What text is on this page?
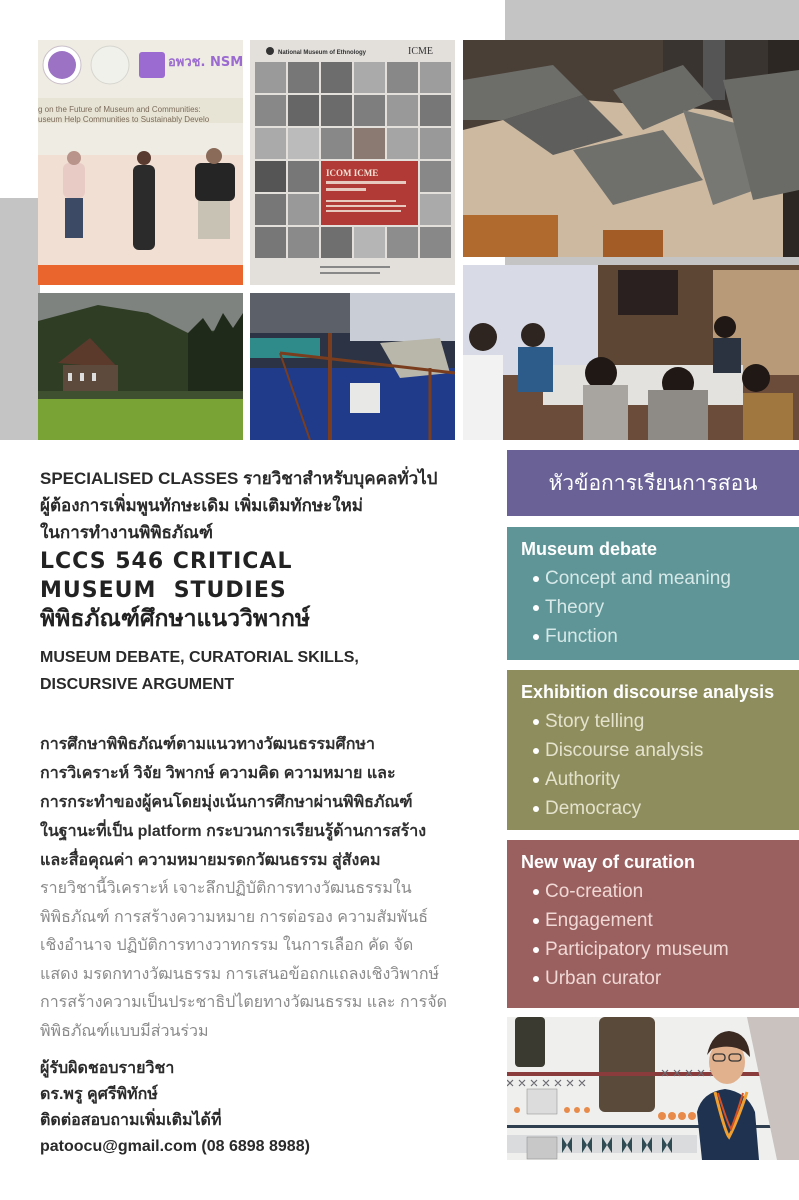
อพวช. NSM
g on the Future of Museum and Communities:
useum Help Communities to Sustainably Develo
National Museum of Ethnology	ICME
ICOM ICME
SPECIALISED CLASSES รายวิชาสำหรับบุคคลทั่วไป
ผู้ต้องการเพิ่มพูนทักษะเดิม เพิ่มเติมทักษะใหม่
ในการทำงานพิพิธภัณฑ์
LCCS 546 CRITICAL
MUSEUM  STUDIES
พิพิธภัณฑ์ศึกษาแนววิพากษ์
MUSEUM DEBATE, CURATORIAL SKILLS,
DISCURSIVE ARGUMENT
การศึกษาพิพิธภัณฑ์ตามแนวทางวัฒนธรรมศึกษา
การวิเคราะห์ วิจัย วิพากษ์ ความคิด ความหมาย และ
การกระทำของผู้คนโดยมุ่งเน้นการศึกษาผ่านพิพิธภัณฑ์
ในฐานะที่เป็น platform กระบวนการเรียนรู้ด้านการสร้าง
และสื่อคุณค่า ความหมายมรดกวัฒนธรรม สู่สังคม
รายวิชานี้วิเคราะห์ เจาะลึกปฏิบัติการทางวัฒนธรรมใน
พิพิธภัณฑ์ การสร้างความหมาย การต่อรอง ความสัมพันธ์
เชิงอำนาจ ปฏิบัติการทางวาทกรรม ในการเลือก คัด จัด
แสดง มรดกทางวัฒนธรรม การเสนอข้อถกแถลงเชิงวิพากษ์
การสร้างความเป็นประชาธิปไตยทางวัฒนธรรม และ การจัด
พิพิธภัณฑ์แบบมีส่วนร่วม
ผู้รับผิดชอบรายวิชา
ดร.พรู คูศรีพิทักษ์
ติดต่อสอบถามเพิ่มเติมได้ที่
patoocu@gmail.com (08 6898 8988)
หัวข้อการเรียนการสอน
Museum debate
Concept and meaning
Theory
Function
Exhibition discourse analysis
Story telling
Discourse analysis
Authority
Democracy
New way of curation
Co-creation
Engagement
Participatory museum
Urban curator
